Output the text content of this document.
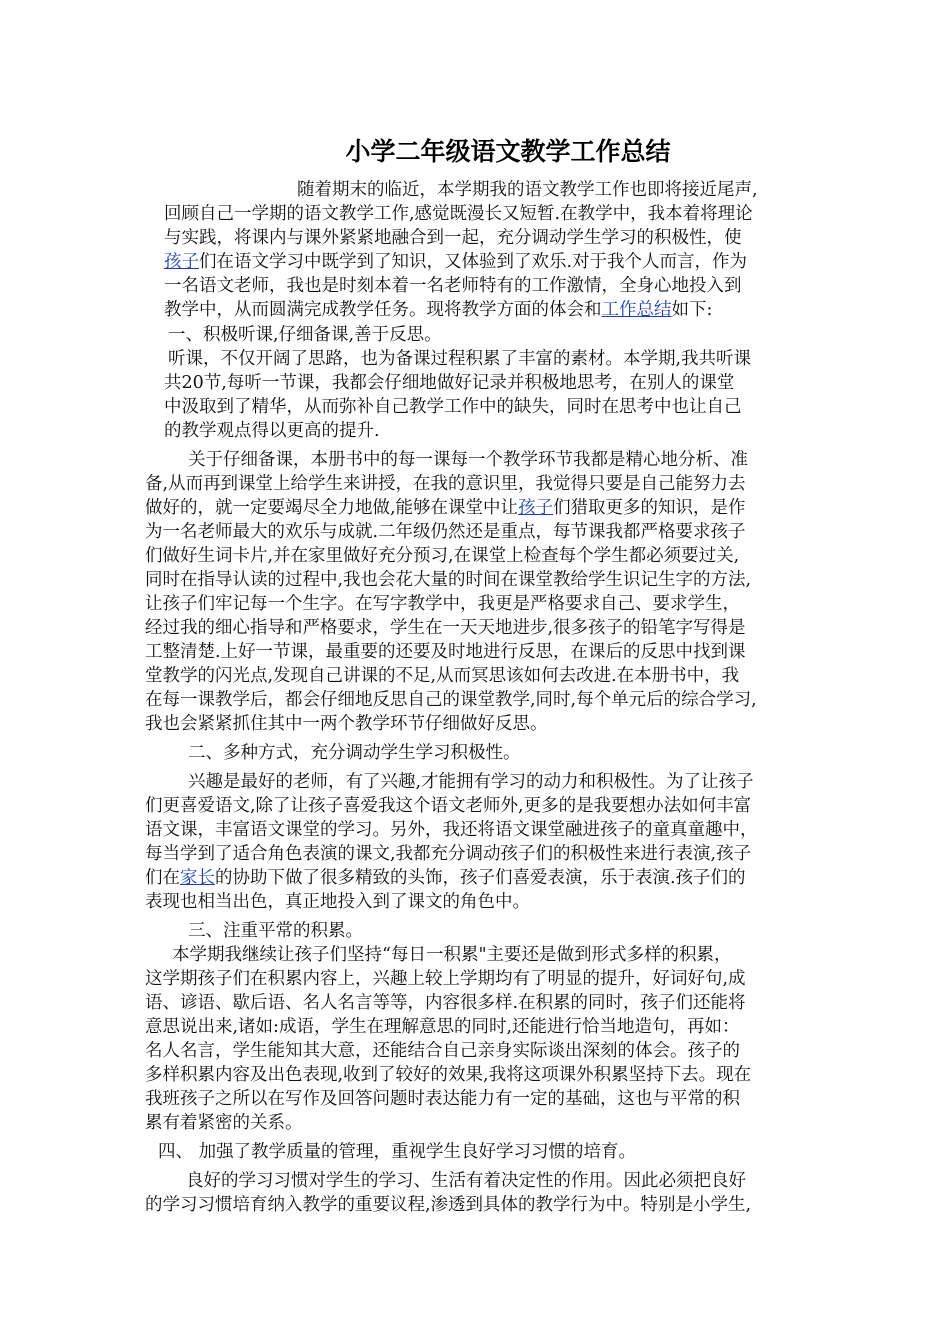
小学二年级语文教学工作总结
随着期末的临近，本学期我的语文教学工作也即将接近尾声,
回顾自己一学期的语文教学工作,感觉既漫长又短暂.在教学中，我本着将理论
与实践，将课内与课外紧紧地融合到一起，充分调动学生学习的积极性，使
孩子们在语文学习中既学到了知识，又体验到了欢乐.对于我个人而言，作为
一名语文老师，我也是时刻本着一名老师特有的工作激情，全身心地投入到
教学中，从而圆满完成教学任务。现将教学方面的体会和工作总结如下:
一、积极听课,仔细备课,善于反思。
听课，不仅开阔了思路，也为备课过程积累了丰富的素材。本学期,我共听课
共20节,每听一节课，我都会仔细地做好记录并积极地思考，在别人的课堂
中汲取到了精华，从而弥补自己教学工作中的缺失，同时在思考中也让自己
的教学观点得以更高的提升.
关于仔细备课，本册书中的每一课每一个教学环节我都是精心地分析、准
备,从而再到课堂上给学生来讲授，在我的意识里，我觉得只要是自己能努力去
做好的，就一定要竭尽全力地做,能够在课堂中让孩子们猎取更多的知识，是作
为一名老师最大的欢乐与成就.二年级仍然还是重点，每节课我都严格要求孩子
们做好生词卡片,并在家里做好充分预习,在课堂上检查每个学生都必须要过关,
同时在指导认读的过程中,我也会花大量的时间在课堂教给学生识记生字的方法,
让孩子们牢记每一个生字。在写字教学中，我更是严格要求自己、要求学生，
经过我的细心指导和严格要求，学生在一天天地进步,很多孩子的铅笔字写得是
工整清楚.上好一节课，最重要的还要及时地进行反思，在课后的反思中找到课
堂教学的闪光点,发现自己讲课的不足,从而冥思该如何去改进.在本册书中，我
在每一课教学后，都会仔细地反思自己的课堂教学,同时,每个单元后的综合学习,
我也会紧紧抓住其中一两个教学环节仔细做好反思。
二、多种方式，充分调动学生学习积极性。
兴趣是最好的老师，有了兴趣,才能拥有学习的动力和积极性。为了让孩子
们更喜爱语文,除了让孩子喜爱我这个语文老师外,更多的是我要想办法如何丰富
语文课，丰富语文课堂的学习。另外，我还将语文课堂融进孩子的童真童趣中，
每当学到了适合角色表演的课文,我都充分调动孩子们的积极性来进行表演,孩子
们在家长的协助下做了很多精致的头饰，孩子们喜爱表演，乐于表演.孩子们的
表现也相当出色，真正地投入到了课文的角色中。
三、注重平常的积累。
本学期我继续让孩子们坚持“每日一积累"主要还是做到形式多样的积累，
这学期孩子们在积累内容上，兴趣上较上学期均有了明显的提升，好词好句,成
语、谚语、歇后语、名人名言等等，内容很多样.在积累的同时，孩子们还能将
意思说出来,诸如:成语，学生在理解意思的同时,还能进行恰当地造句，再如：
名人名言，学生能知其大意，还能结合自己亲身实际谈出深刻的体会。孩子的
多样积累内容及出色表现,收到了较好的效果,我将这项课外积累坚持下去。现在
我班孩子之所以在写作及回答问题时表达能力有一定的基础，这也与平常的积
累有着紧密的关系。
四、 加强了教学质量的管理，重视学生良好学习习惯的培育。
良好的学习习惯对学生的学习、生活有着决定性的作用。因此必须把良好
的学习习惯培育纳入教学的重要议程,渗透到具体的教学行为中。特别是小学生,
